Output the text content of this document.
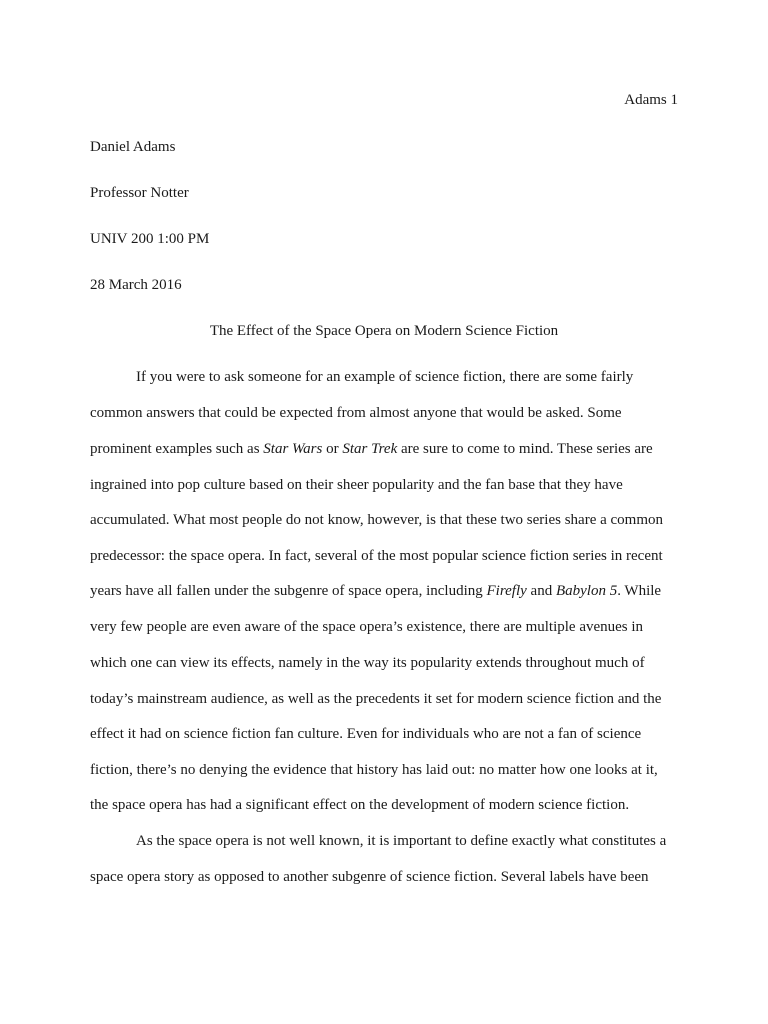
Adams 1
Daniel Adams
Professor Notter
UNIV 200 1:00 PM
28 March 2016
The Effect of the Space Opera on Modern Science Fiction
If you were to ask someone for an example of science fiction, there are some fairly
common answers that could be expected from almost anyone that would be asked. Some
prominent examples such as Star Wars or Star Trek are sure to come to mind. These series are
ingrained into pop culture based on their sheer popularity and the fan base that they have
accumulated. What most people do not know, however, is that these two series share a common
predecessor: the space opera. In fact, several of the most popular science fiction series in recent
years have all fallen under the subgenre of space opera, including Firefly and Babylon 5. While
very few people are even aware of the space opera’s existence, there are multiple avenues in
which one can view its effects, namely in the way its popularity extends throughout much of
today’s mainstream audience, as well as the precedents it set for modern science fiction and the
effect it had on science fiction fan culture. Even for individuals who are not a fan of science
fiction, there’s no denying the evidence that history has laid out: no matter how one looks at it,
the space opera has had a significant effect on the development of modern science fiction.
As the space opera is not well known, it is important to define exactly what constitutes a
space opera story as opposed to another subgenre of science fiction. Several labels have been
